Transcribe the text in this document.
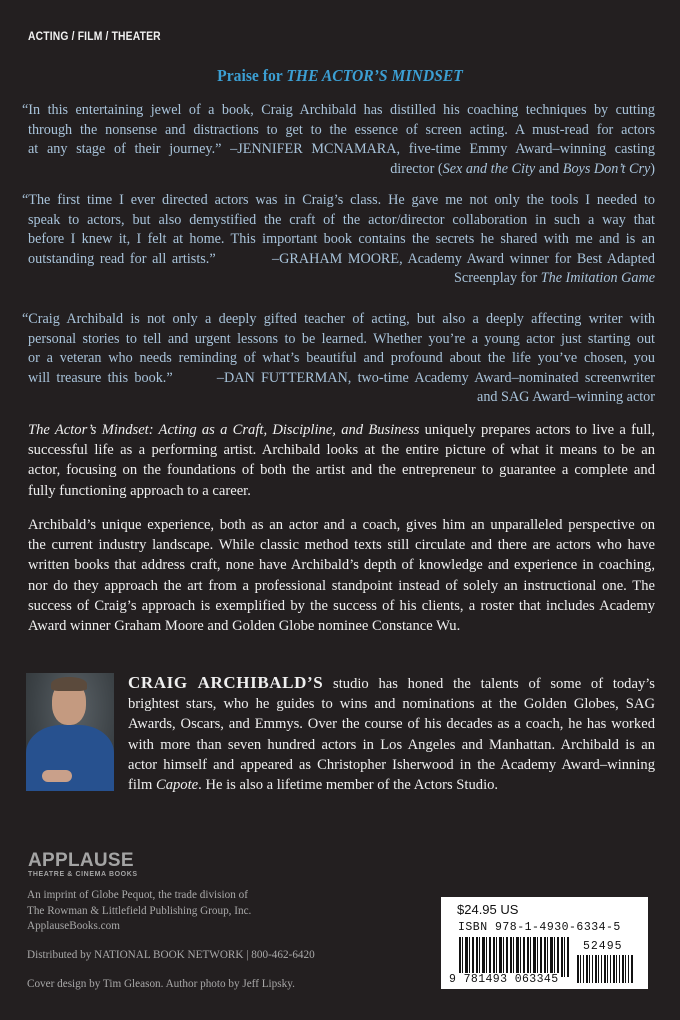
ACTING / FILM / THEATER
Praise for THE ACTOR’S MINDSET
“In this entertaining jewel of a book, Craig Archibald has distilled his coaching techniques by cutting
through the nonsense and distractions to get to the essence of screen acting. A must-read for actors
at any stage of their journey.” –JENNIFER MCNAMARA, five-time Emmy Award–winning casting
director (Sex and the City and Boys Don’t Cry)
“The first time I ever directed actors was in Craig’s class. He gave me not only the tools I needed to
speak to actors, but also demystified the craft of the actor/director collaboration in such a way that
before I knew it, I felt at home. This important book contains the secrets he shared with me and is an
outstanding read for all artists.”          –GRAHAM MOORE, Academy Award winner for Best Adapted
Screenplay for The Imitation Game
“Craig Archibald is not only a deeply gifted teacher of acting, but also a deeply affecting writer with
personal stories to tell and urgent lessons to be learned. Whether you’re a young actor just starting out
or a veteran who needs reminding of what’s beautiful and profound about the life you’ve chosen, you
will treasure this book.”       –DAN FUTTERMAN, two-time Academy Award–nominated screenwriter
and SAG Award–winning actor
The Actor’s Mindset: Acting as a Craft, Discipline, and Business uniquely prepares actors to live a full,
successful life as a performing artist. Archibald looks at the entire picture of what it means to be an
actor, focusing on the foundations of both the artist and the entrepreneur to guarantee a complete and
fully functioning approach to a career.
Archibald’s unique experience, both as an actor and a coach, gives him an unparalleled perspective on
the current industry landscape. While classic method texts still circulate and there are actors who have
written books that address craft, none have Archibald’s depth of knowledge and experience in coaching,
nor do they approach the art from a professional standpoint instead of solely an instructional one. The
success of Craig’s approach is exemplified by the success of his clients, a roster that includes Academy
Award winner Graham Moore and Golden Globe nominee Constance Wu.
CRAIG ARCHIBALD’S studio has honed the talents of some of today’s
brightest stars, who he guides to wins and nominations at the Golden Globes, SAG
Awards, Oscars, and Emmys. Over the course of his decades as a coach, he has worked
with more than seven hundred actors in Los Angeles and Manhattan. Archibald is an
actor himself and appeared as Christopher Isherwood in the Academy Award–winning
film Capote. He is also a lifetime member of the Actors Studio.
APPLAUSE
THEATRE & CINEMA BOOKS
An imprint of Globe Pequot, the trade division of
The Rowman & Littlefield Publishing Group, Inc.
ApplauseBooks.com
Distributed by NATIONAL BOOK NETWORK | 800-462-6420
Cover design by Tim Gleason. Author photo by Jeff Lipsky.
$24.95 US
ISBN 978-1-4930-6334-5
52495
9 781493 063345
